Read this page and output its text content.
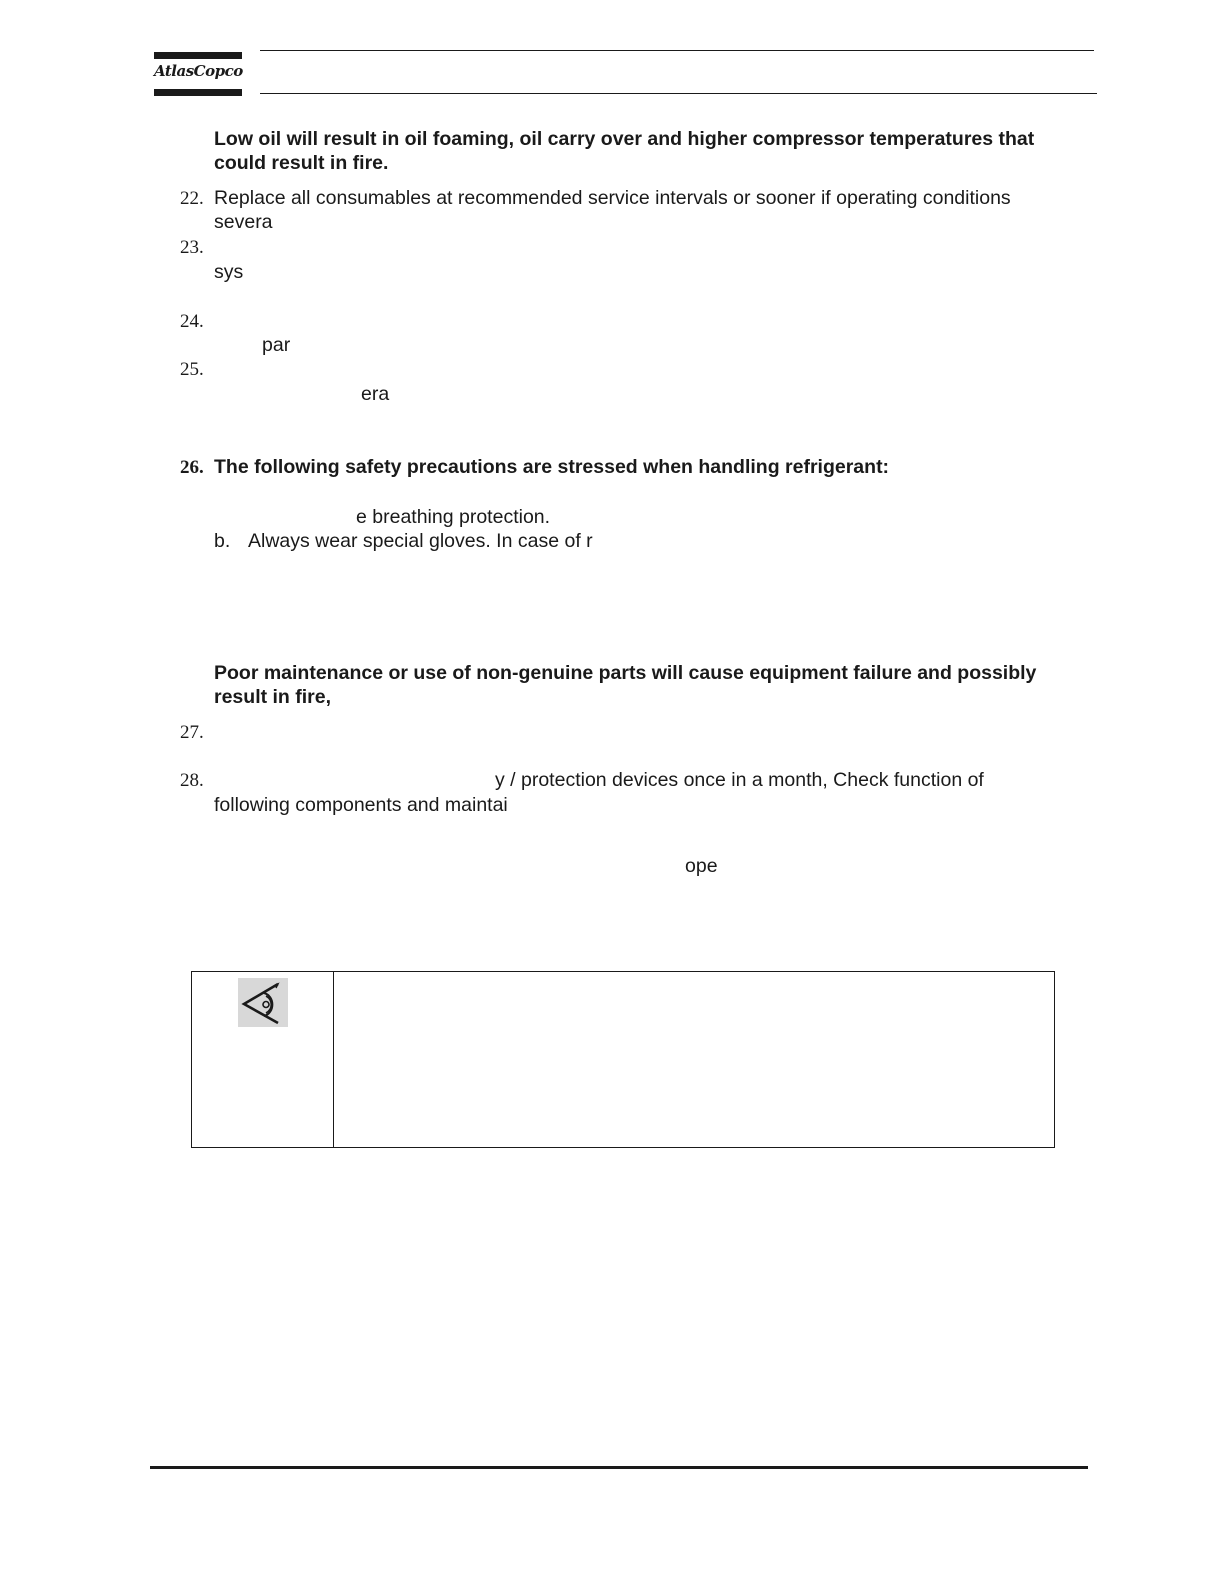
AtlasCopco
Low oil will result in oil foaming, oil carry over and higher compressor temperatures that
could result in fire.
22. Replace all consumables at recommended service intervals or sooner if operating conditions
severa
23.
sys
24.
par
25.
era
26. The following safety precautions are stressed when handling refrigerant:
e breathing protection.
b. Always wear special gloves. In case of r
Poor maintenance or use of non-genuine parts will cause equipment failure and possibly
result in fire,
27.
28.	y / protection devices once in a month, Check function of
following components and maintai
ope
